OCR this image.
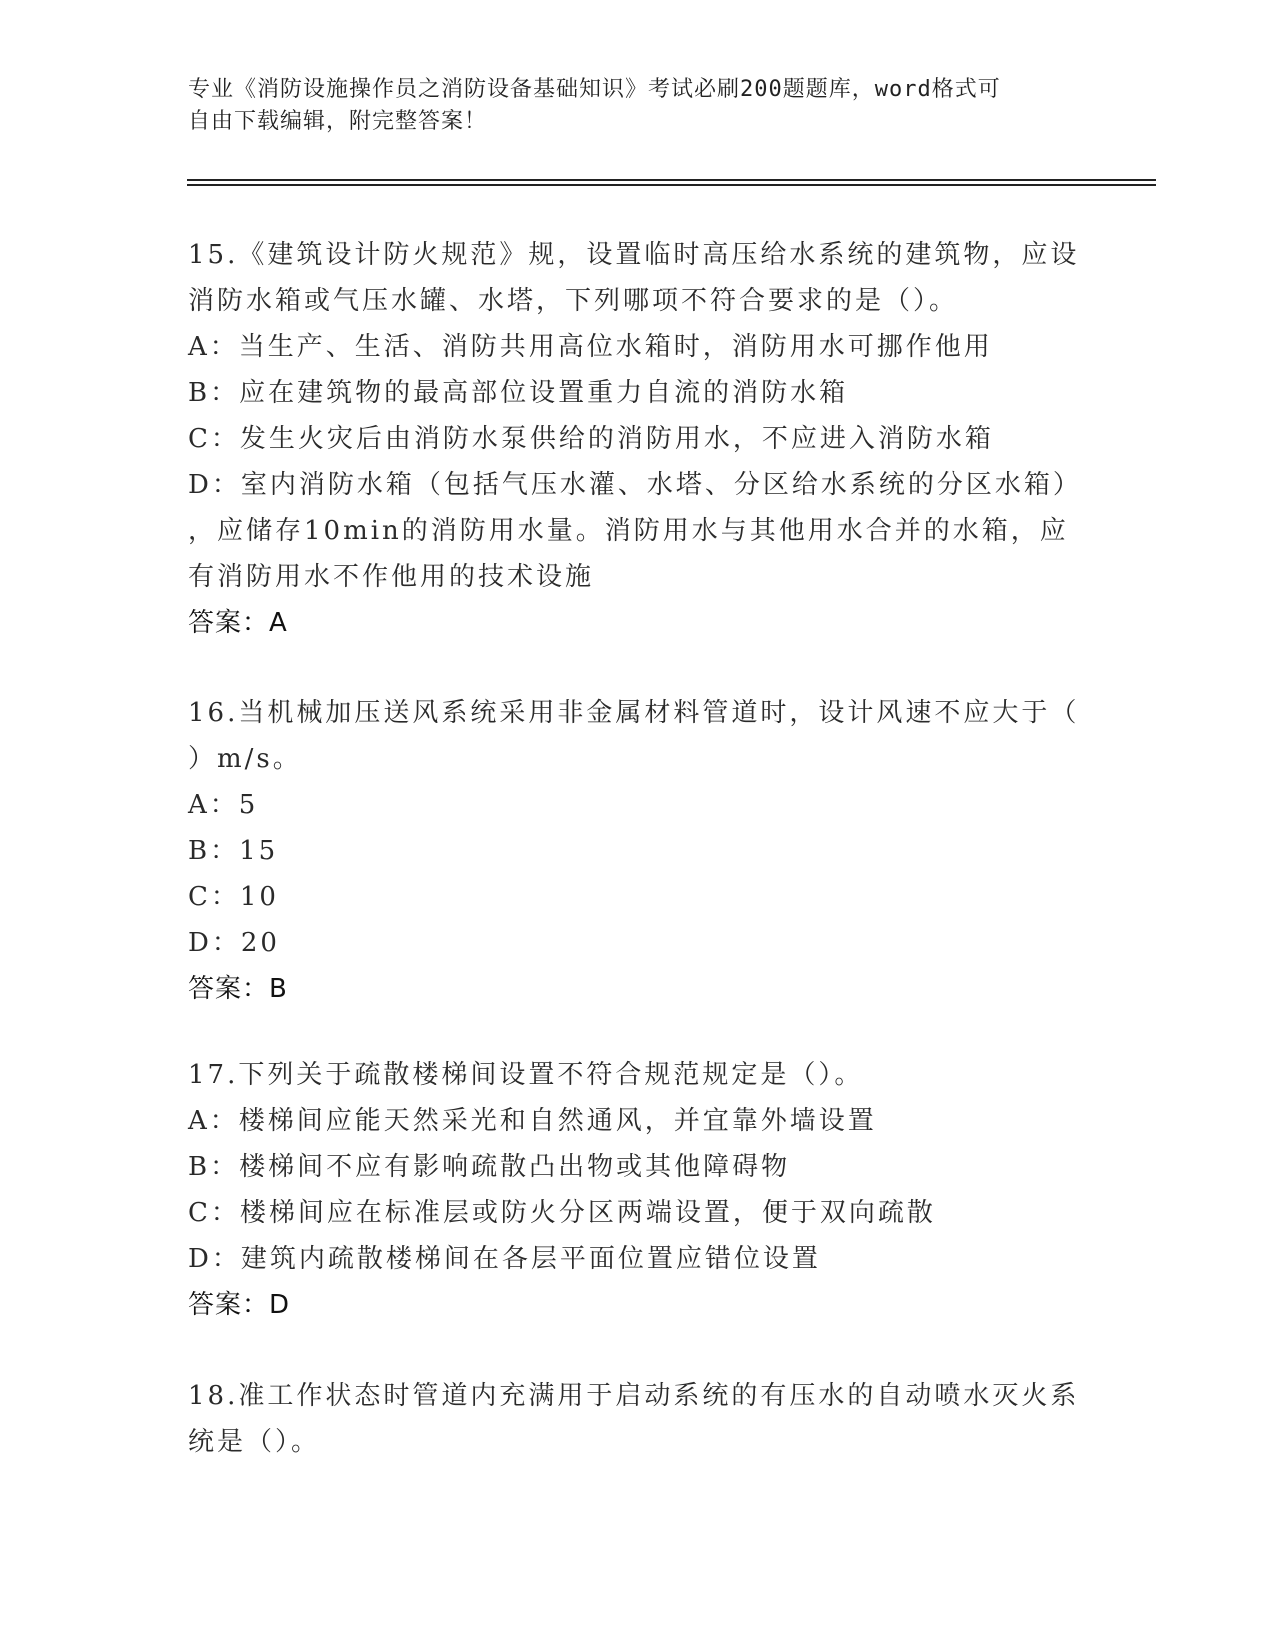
专业《消防设施操作员之消防设备基础知识》考试必刷200题题库，word格式可

自由下载编辑，附完整答案！

15.《建筑设计防火规范》规，设置临时高压给水系统的建筑物，应设

消防水箱或气压水罐、水塔，下列哪项不符合要求的是（）。

A：当生产、生活、消防共用高位水箱时，消防用水可挪作他用

B：应在建筑物的最高部位设置重力自流的消防水箱

C：发生火灾后由消防水泵供给的消防用水，不应进入消防水箱

D：室内消防水箱（包括气压水灌、水塔、分区给水系统的分区水箱）

，应储存10min的消防用水量。消防用水与其他用水合并的水箱，应

有消防用水不作他用的技术设施

答案：A

16.当机械加压送风系统采用非金属材料管道时，设计风速不应大于（

）m/s。

A：5

B：15

C：10

D：20

答案：B

17.下列关于疏散楼梯间设置不符合规范规定是（）。

A：楼梯间应能天然采光和自然通风，并宜靠外墙设置

B：楼梯间不应有影响疏散凸出物或其他障碍物

C：楼梯间应在标准层或防火分区两端设置，便于双向疏散

D：建筑内疏散楼梯间在各层平面位置应错位设置

答案：D

18.准工作状态时管道内充满用于启动系统的有压水的自动喷水灭火系

统是（）。
